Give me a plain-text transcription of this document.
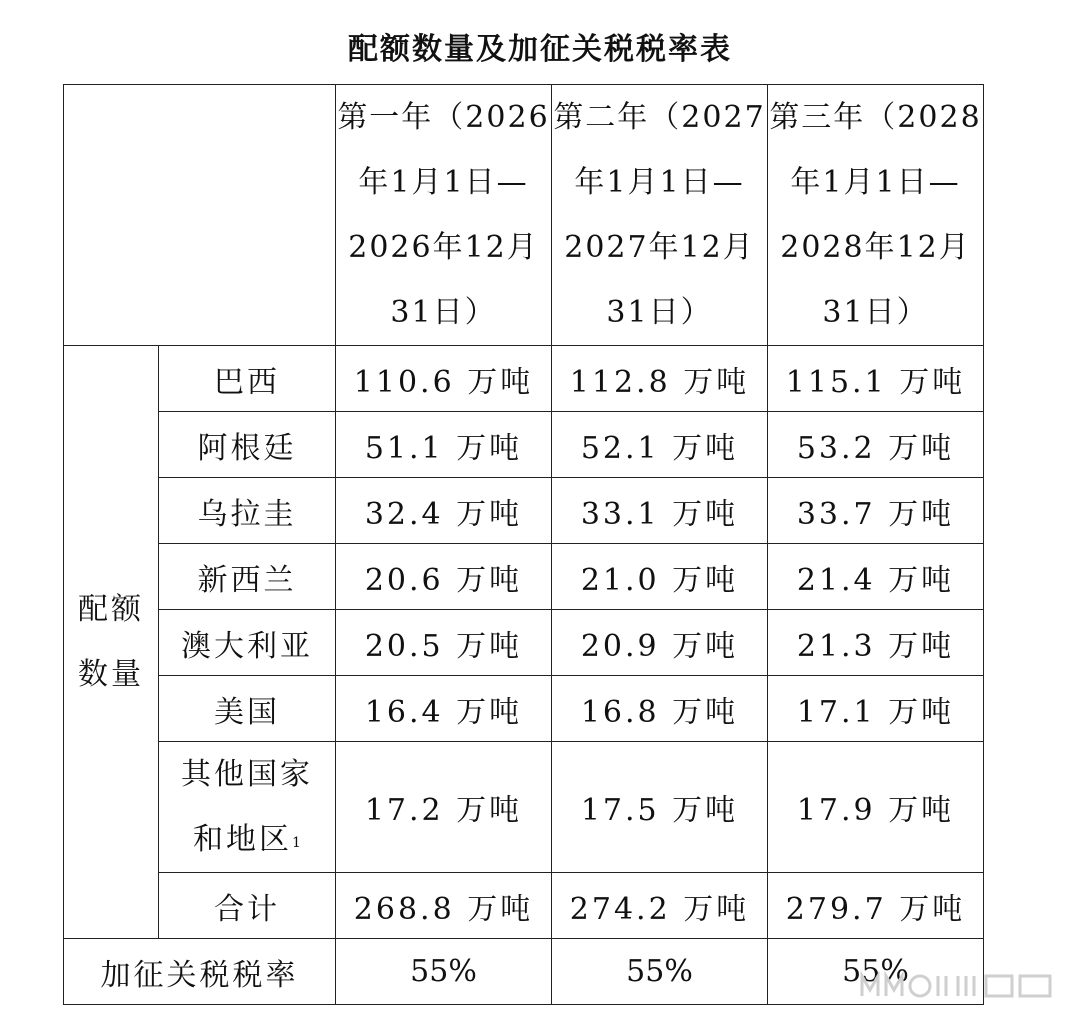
配额数量及加征关税税率表
		第一年（2026年1月1日—2026年12月31日）	第二年（2027年1月1日—2027年12月31日）	第三年（2028年1月1日—2028年12月31日）
配额
数量	巴西	110.6 万吨	112.8 万吨	115.1 万吨
	阿根廷	51.1 万吨	52.1 万吨	53.2 万吨
	乌拉圭	32.4 万吨	33.1 万吨	33.7 万吨
	新西兰	20.6 万吨	21.0 万吨	21.4 万吨
	澳大利亚	20.5 万吨	20.9 万吨	21.3 万吨
	美国	16.4 万吨	16.8 万吨	17.1 万吨
	其他国家
和地区$^1$	17.2 万吨	17.5 万吨	17.9 万吨
	合计	268.8 万吨	274.2 万吨	279.7 万吨
加征关税税率		55%	55%	55%
